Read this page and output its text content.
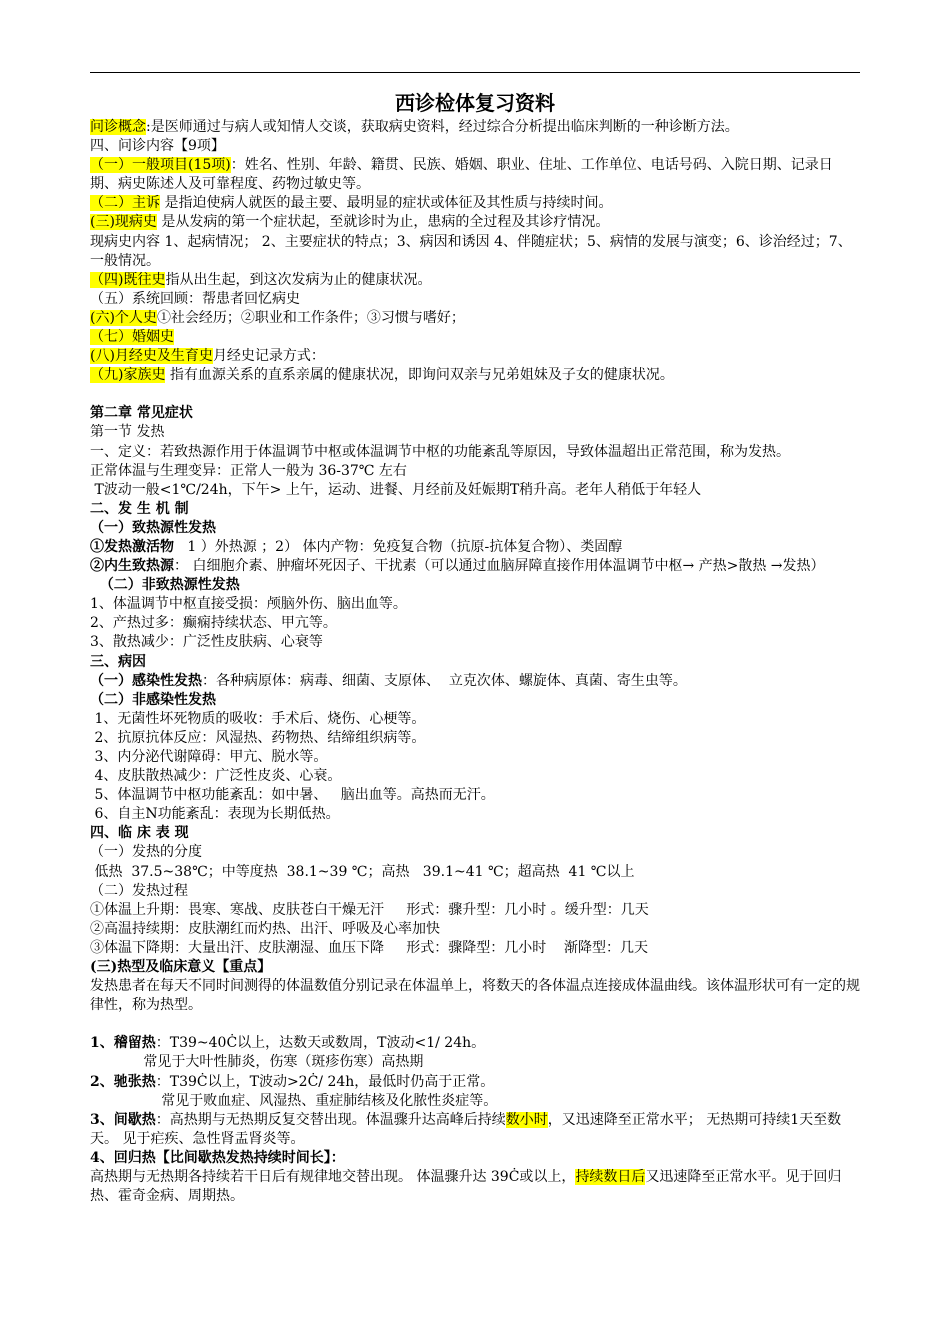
西诊检体复习资料

问诊概念:是医师通过与病人或知情人交谈，获取病史资料，经过综合分析提出临床判断的一种诊断方法。

四、问诊内容【9项】

（一）一般项目(15项)：姓名、性别、年龄、籍贯、民族、婚姻、职业、住址、工作单位、电话号码、入院日期、记录日期、病史陈述人及可靠程度、药物过敏史等。

（二）主诉 是指迫使病人就医的最主要、最明显的症状或体征及其性质与持续时间。

(三)现病史 是从发病的第一个症状起，至就诊时为止，患病的全过程及其诊疗情况。

现病史内容 1、起病情况； 2、主要症状的特点；3、病因和诱因 4、伴随症状；5、病情的发展与演变；6、诊治经过；7、一般情况。

（四)既往史指从出生起，到这次发病为止的健康状况。

（五）系统回顾：帮患者回忆病史

(六)个人史①社会经历；②职业和工作条件；③习惯与嗜好；

（七）婚姻史

(八)月经史及生育史月经史记录方式：

（九)家族史 指有血源关系的直系亲属的健康状况，即询问双亲与兄弟姐妹及子女的健康状况。

第二章 常见症状

第一节 发热

一、定义：若致热源作用于体温调节中枢或体温调节中枢的功能紊乱等原因，导致体温超出正常范围，称为发热。

正常体温与生理变异：正常人一般为 36-37℃ 左右

T波动一般<1℃/24h，下午> 上午，运动、进餐、月经前及妊娠期T稍升高。老年人稍低于年轻人

二、发 生 机 制

（一）致热源性发热

①发热激活物   1 ）外热源 ；2） 体内产物：免疫复合物（抗原-抗体复合物）、类固醇

②内生致热源： 白细胞介素、肿瘤坏死因子、干扰素（可以通过血脑屏障直接作用体温调节中枢→ 产热>散热 →发热）

（二）非致热源性发热

1、体温调节中枢直接受损：颅脑外伤、脑出血等。

2、产热过多：癫痫持续状态、甲亢等。

3、散热减少：广泛性皮肤病、心衰等

三、病因

（一）感染性发热：各种病原体：病毒、细菌、支原体、  立克次体、螺旋体、真菌、寄生虫等。

（二）非感染性发热

1、无菌性坏死物质的吸收：手术后、烧伤、心梗等。

2、抗原抗体反应：风湿热、药物热、结缔组织病等。

3、内分泌代谢障碍：甲亢、脱水等。

4、皮肤散热减少：广泛性皮炎、心衰。

5、体温调节中枢功能紊乱：如中暑、   脑出血等。高热而无汗。

6、自主N功能紊乱：表现为长期低热。

四、临 床 表 现

（一）发热的分度

低热  37.5~38℃；中等度热  38.1~39 ℃；高热   39.1~41 ℃；超高热  41 ℃以上

（二）发热过程

①体温上升期：畏寒、寒战、皮肤苍白干燥无汗     形式：骤升型：几小时 。缓升型：几天

②高温持续期：皮肤潮红而灼热、出汗、呼吸及心率加快

③体温下降期：大量出汗、皮肤潮湿、血压下降     形式：骤降型：几小时    渐降型：几天

(三)热型及临床意义【重点】

发热患者在每天不同时间测得的体温数值分别记录在体温单上，将数天的各体温点连接成体温曲线。该体温形状可有一定的规律性，称为热型。

1、稽留热：T39~40Ċ以上，达数天或数周，T波动<1/ 24h。

常见于大叶性肺炎，伤寒（斑疹伤寒）高热期

2、驰张热：T39Ċ以上，T波动>2Ċ/ 24h，最低时仍高于正常。

常见于败血症、风湿热、重症肺结核及化脓性炎症等。

3、间歇热：高热期与无热期反复交替出现。体温骤升达高峰后持续数小时，又迅速降至正常水平； 无热期可持续1天至数天。 见于疟疾、急性肾盂肾炎等。

4、回归热【比间歇热发热持续时间长】：

高热期与无热期各持续若干日后有规律地交替出现。 体温骤升达 39Ċ或以上，持续数日后又迅速降至正常水平。见于回归热、霍奇金病、周期热。
